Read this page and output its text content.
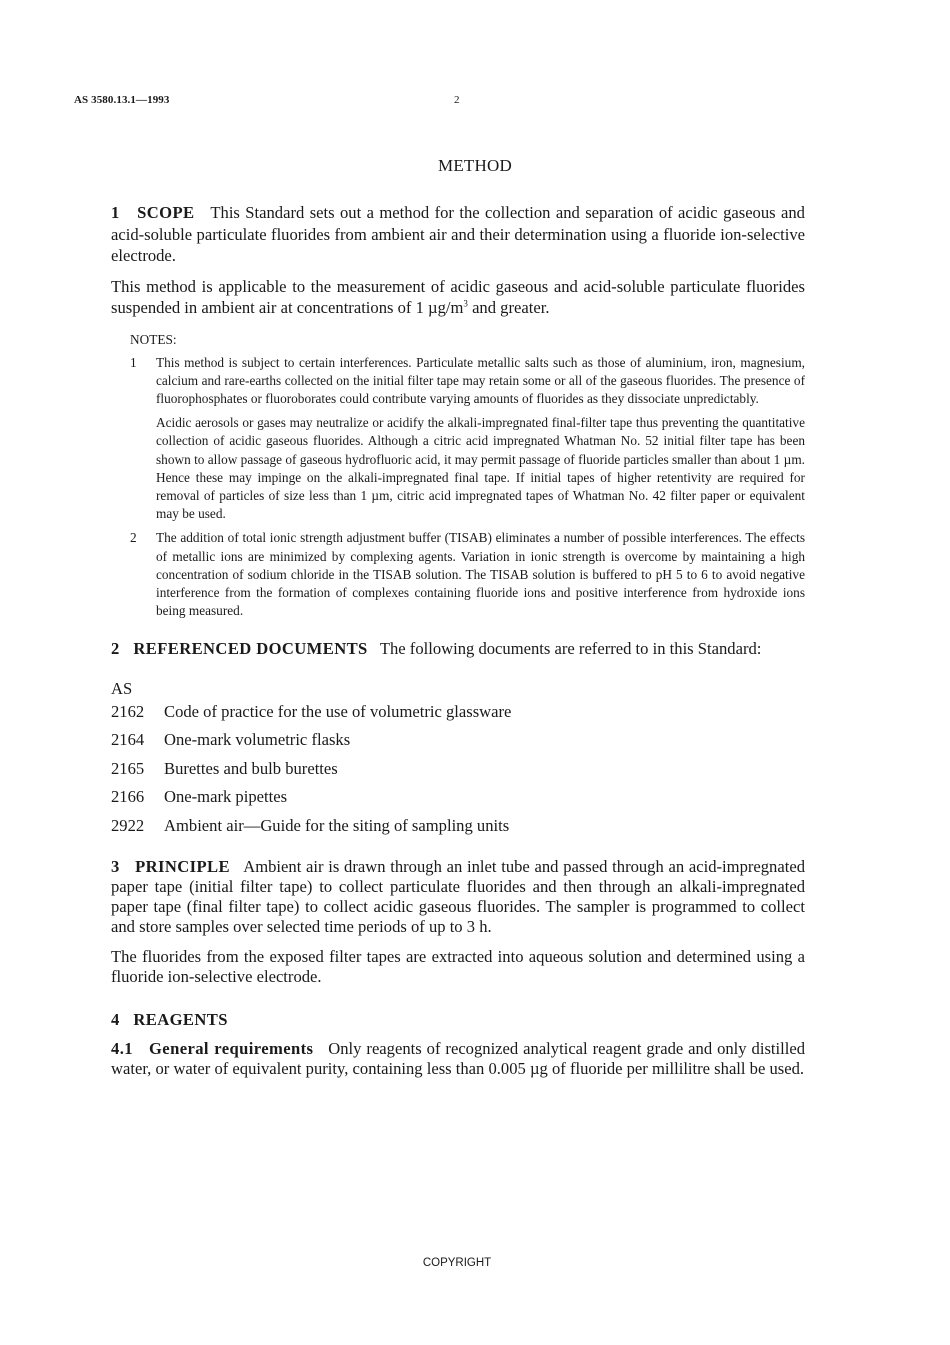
AS 3580.13.1—1993	2
METHOD

1   SCOPE This Standard sets out a method for the collection and separation of acidic gaseous and acid-soluble particulate fluorides from ambient air and their determination using a fluoride ion-selective electrode.

This method is applicable to the measurement of acidic gaseous and acid-soluble particulate fluorides suspended in ambient air at concentrations of 1 $\mu g/m^3$ and greater.

NOTES:

1 This method is subject to certain interferences. Particulate metallic salts such as those of aluminium, iron, magnesium, calcium and rare-earths collected on the initial filter tape may retain some or all of the gaseous fluorides. The presence of fluorophosphates or fluoroborates could contribute varying amounts of fluorides as they dissociate unpredictably.

Acidic aerosols or gases may neutralize or acidify the alkali-impregnated final-filter tape thus preventing the quantitative collection of acidic gaseous fluorides. Although a citric acid impregnated Whatman No. 52 initial filter tape has been shown to allow passage of gaseous hydrofluoric acid, it may permit passage of fluoride particles smaller than about 1 µm. Hence these may impinge on the alkali-impregnated final tape. If initial tapes of higher retentivity are required for removal of particles of size less than 1 µm, citric acid impregnated tapes of Whatman No. 42 filter paper or equivalent may be used.

2 The addition of total ionic strength adjustment buffer (TISAB) eliminates a number of possible interferences. The effects of metallic ions are minimized by complexing agents. Variation in ionic strength is overcome by maintaining a high concentration of sodium chloride in the TISAB solution. The TISAB solution is buffered to pH 5 to 6 to avoid negative interference from the formation of complexes containing fluoride ions and positive interference from hydroxide ions being measured.

2   REFERENCED DOCUMENTS The following documents are referred to in this Standard:

AS

2162 Code of practice for the use of volumetric glassware
2164 One-mark volumetric flasks
2165 Burettes and bulb burettes
2166 One-mark pipettes
2922 Ambient air—Guide for the siting of sampling units

3   PRINCIPLE Ambient air is drawn through an inlet tube and passed through an acid-impregnated paper tape (initial filter tape) to collect particulate fluorides and then through an alkali-impregnated paper tape (final filter tape) to collect acidic gaseous fluorides. The sampler is programmed to collect and store samples over selected time periods of up to 3 h.

The fluorides from the exposed filter tapes are extracted into aqueous solution and determined using a fluoride ion-selective electrode.

4   REAGENTS

4.1   General requirements Only reagents of recognized analytical reagent grade and only distilled water, or water of equivalent purity, containing less than 0.005 µg of fluoride per millilitre shall be used.

COPYRIGHT
